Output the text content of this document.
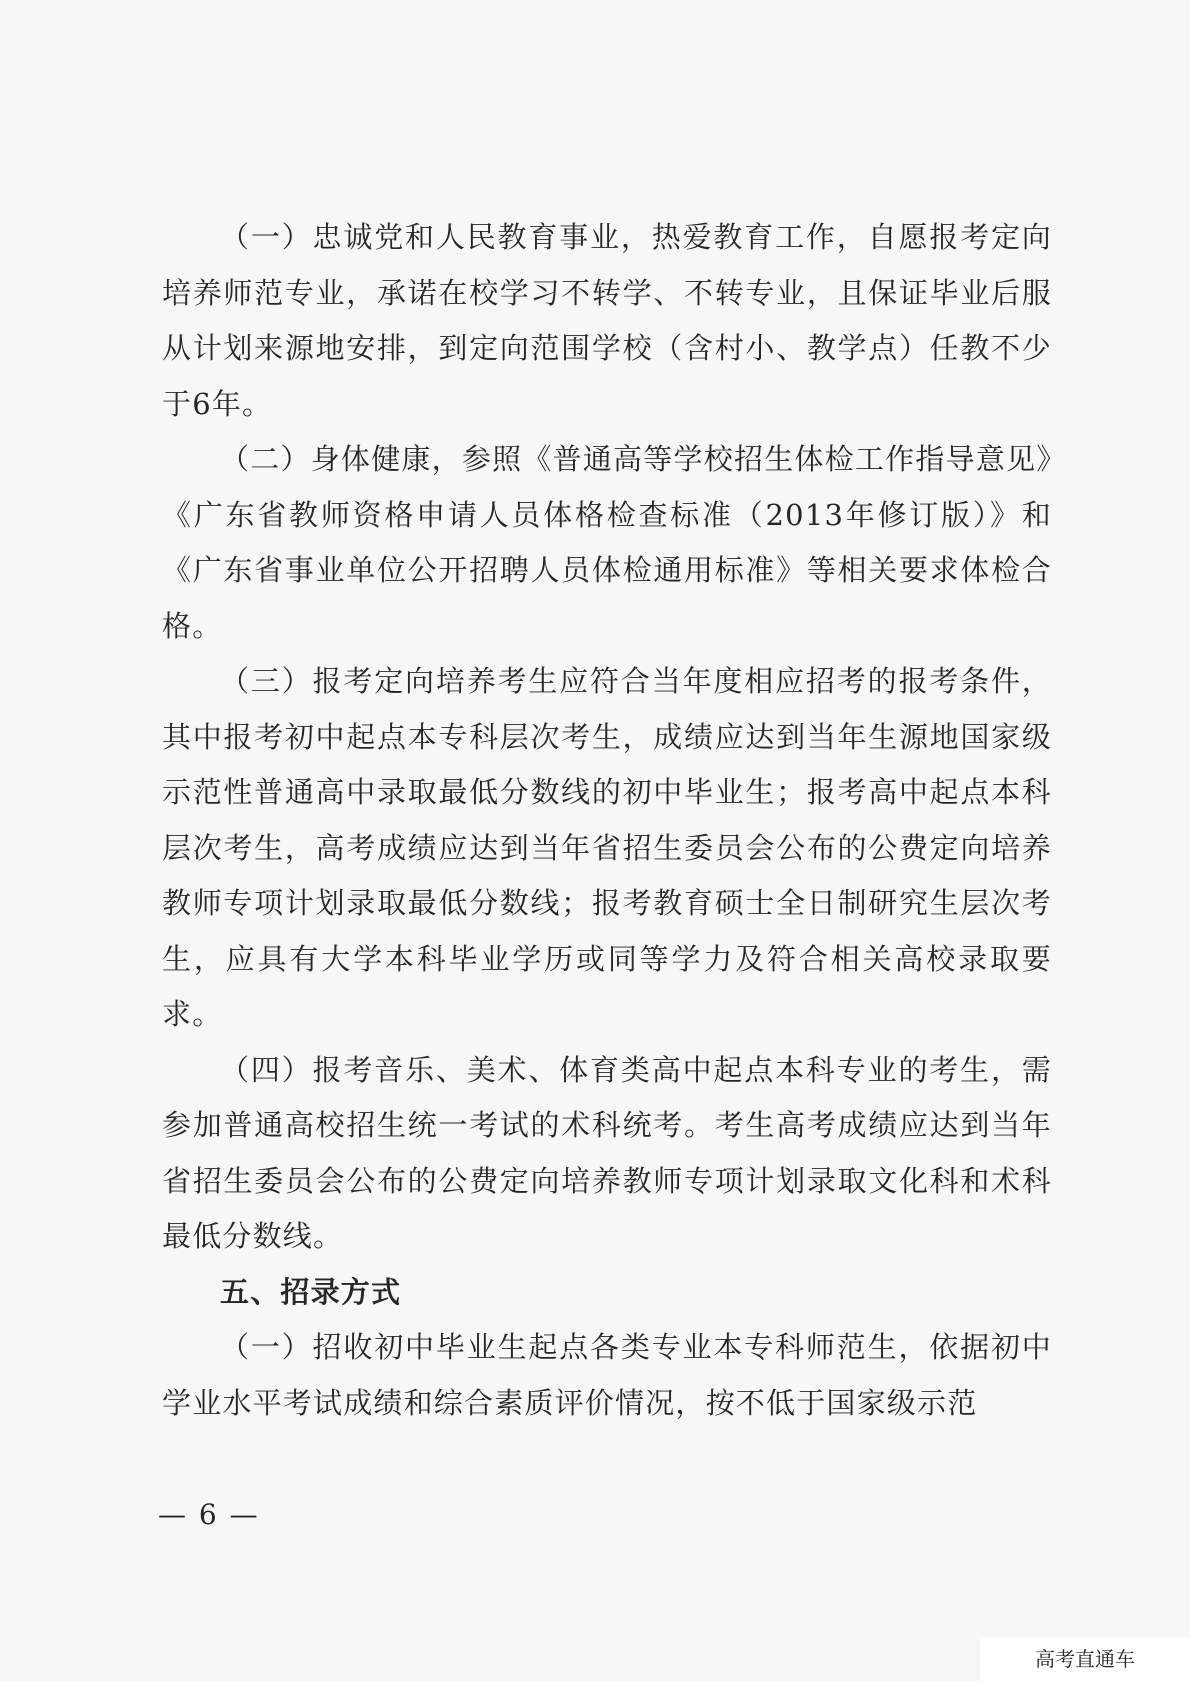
（一）忠诚党和人民教育事业，热爱教育工作，自愿报考定向培养师范专业，承诺在校学习不转学、不转专业，且保证毕业后服从计划来源地安排，到定向范围学校（含村小、教学点）任教不少于6年。

（二）身体健康，参照《普通高等学校招生体检工作指导意见》《广东省教师资格申请人员体格检查标准（2013年修订版）》和《广东省事业单位公开招聘人员体检通用标准》等相关要求体检合格。

（三）报考定向培养考生应符合当年度相应招考的报考条件，其中报考初中起点本专科层次考生，成绩应达到当年生源地国家级示范性普通高中录取最低分数线的初中毕业生；报考高中起点本科层次考生，高考成绩应达到当年省招生委员会公布的公费定向培养教师专项计划录取最低分数线；报考教育硕士全日制研究生层次考生，应具有大学本科毕业学历或同等学力及符合相关高校录取要求。

（四）报考音乐、美术、体育类高中起点本科专业的考生，需参加普通高校招生统一考试的术科统考。考生高考成绩应达到当年省招生委员会公布的公费定向培养教师专项计划录取文化科和术科最低分数线。

五、招录方式

（一）招收初中毕业生起点各类专业本专科师范生，依据初中学业水平考试成绩和综合素质评价情况，按不低于国家级示范

— 6 —
高考直通车
